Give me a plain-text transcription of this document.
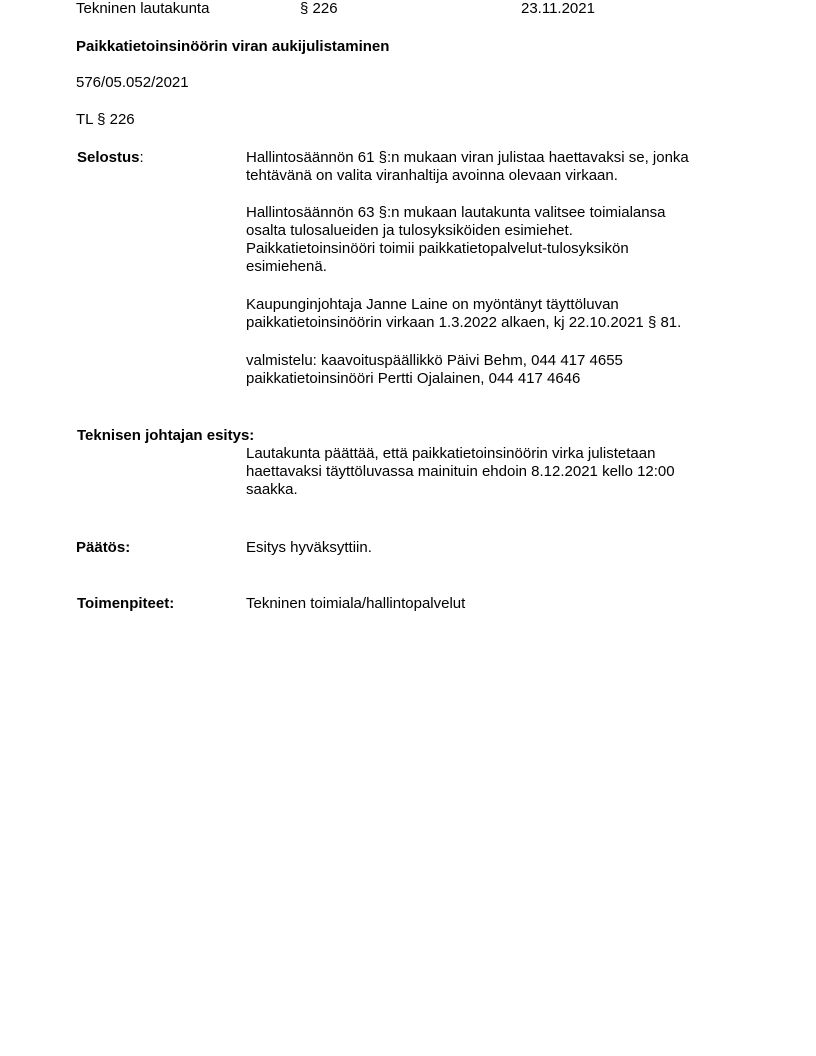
Tekninen lautakunta	§ 226	23.11.2021
Paikkatietoinsinöörin viran aukijulistaminen
576/05.052/2021
TL § 226
Selostus:	Hallintosäännön 61 §:n mukaan viran julistaa haettavaksi se, jonka
tehtävänä on valita viranhaltija avoinna olevaan virkaan.
Hallintosäännön 63 §:n mukaan lautakunta valitsee toimialansa
osalta tulosalueiden ja tulosyksiköiden esimiehet.
Paikkatietoinsinööri toimii paikkatietopalvelut-tulosyksikön
esimiehenä.
Kaupunginjohtaja Janne Laine on myöntänyt täyttöluvan
paikkatietoinsinöörin virkaan 1.3.2022 alkaen, kj 22.10.2021 § 81.
valmistelu: kaavoituspäällikkö Päivi Behm, 044 417 4655
paikkatietoinsinööri Pertti Ojalainen, 044 417 4646
Teknisen johtajan esitys:
Lautakunta päättää, että paikkatietoinsinöörin virka julistetaan
haettavaksi täyttöluvassa mainituin ehdoin 8.12.2021 kello 12:00
saakka.
Päätös:	Esitys hyväksyttiin.
Toimenpiteet:	Tekninen toimiala/hallintopalvelut
